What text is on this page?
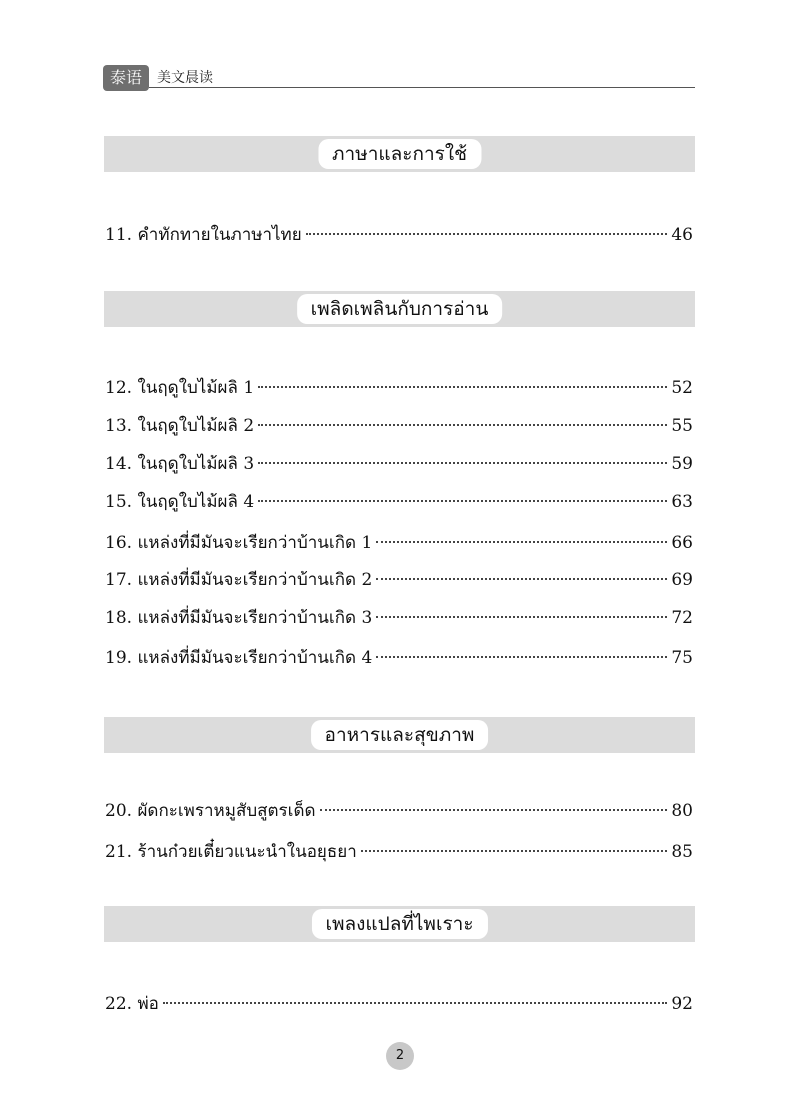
泰语	美文晨读
ภาษาและการใช้
11. คำทักทายในภาษาไทย	46
เพลิดเพลินกับการอ่าน
12. ในฤดูใบไม้ผลิ 1	52
13. ในฤดูใบไม้ผลิ 2	55
14. ในฤดูใบไม้ผลิ 3	59
15. ในฤดูใบไม้ผลิ 4	63
16. แหล่งที่มีมันจะเรียกว่าบ้านเกิด 1	66
17. แหล่งที่มีมันจะเรียกว่าบ้านเกิด 2	69
18. แหล่งที่มีมันจะเรียกว่าบ้านเกิด 3	72
19. แหล่งที่มีมันจะเรียกว่าบ้านเกิด 4	75
อาหารและสุขภาพ
20. ผัดกะเพราหมูสับสูตรเด็ด	80
21. ร้านก๋วยเตี๋ยวแนะนำในอยุธยา	85
เพลงแปลที่ไพเราะ
22. พ่อ	92
2
